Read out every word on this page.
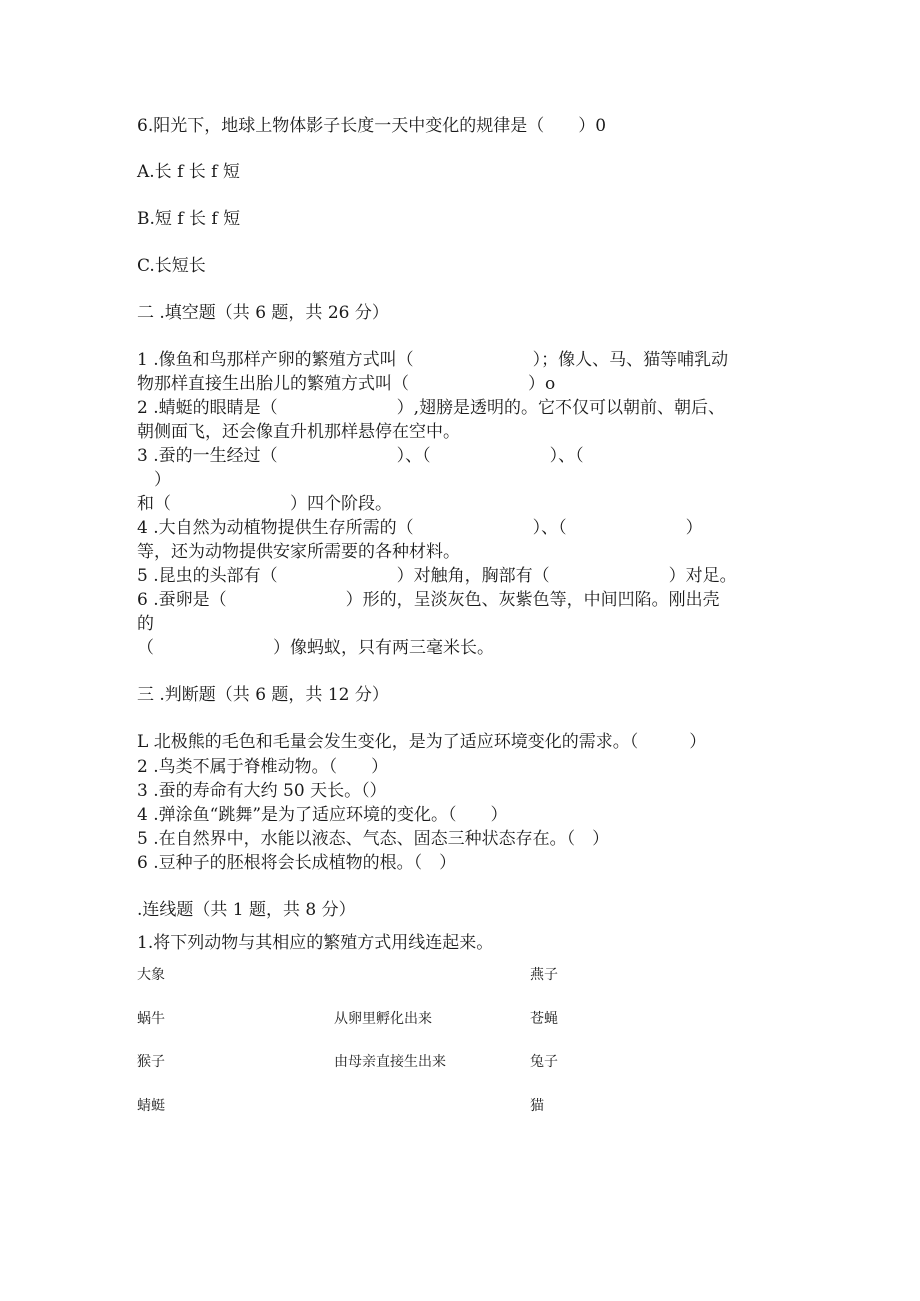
6.阳光下，地球上物体影子长度一天中变化的规律是（　　）0
A.长 f 长 f 短
B.短 f 长 f 短
C.长短长
二 .填空题（共 6 题，共 26 分）
1 .像鱼和鸟那样产卵的繁殖方式叫（　　　　　　　）；像人、马、猫等哺乳动
物那样直接生出胎儿的繁殖方式叫（　　　　　　　）o
2 .蜻蜓的眼睛是（　　　　　　　）,翅膀是透明的。它不仅可以朝前、朝后、
朝侧面飞，还会像直升机那样悬停在空中。
3 .蚕的一生经过（　　　　　　　）、（　　　　　　　）、（
　）
和（　　　　　　　）四个阶段。
4 .大自然为动植物提供生存所需的（　　　　　　　）、（　　　　　　　）
等，还为动物提供安家所需要的各种材料。
5 .昆虫的头部有（　　　　　　　）对触角，胸部有（　　　　　　　）对足。
6 .蚕卵是（　　　　　　　）形的，呈淡灰色、灰紫色等，中间凹陷。刚出壳
的
（　　　　　　　）像蚂蚁，只有两三毫米长。
三 .判断题（共 6 题，共 12 分）
L 北极熊的毛色和毛量会发生变化，是为了适应环境变化的需求。（　　　）
2 .鸟类不属于脊椎动物。（　　）
3 .蚕的寿命有大约 50 天长。（）
4 .弹涂鱼“跳舞”是为了适应环境的变化。（　　）
5 .在自然界中，水能以液态、气态、固态三种状态存在。（　）
6 .豆种子的胚根将会长成植物的根。（　）
.连线题（共 1 题，共 8 分）
1.将下列动物与其相应的繁殖方式用线连起来。
大象
蜗牛
猴子
蜻蜓
从卵里孵化出来
由母亲直接生出来
燕子
苍蝇
兔子
猫
